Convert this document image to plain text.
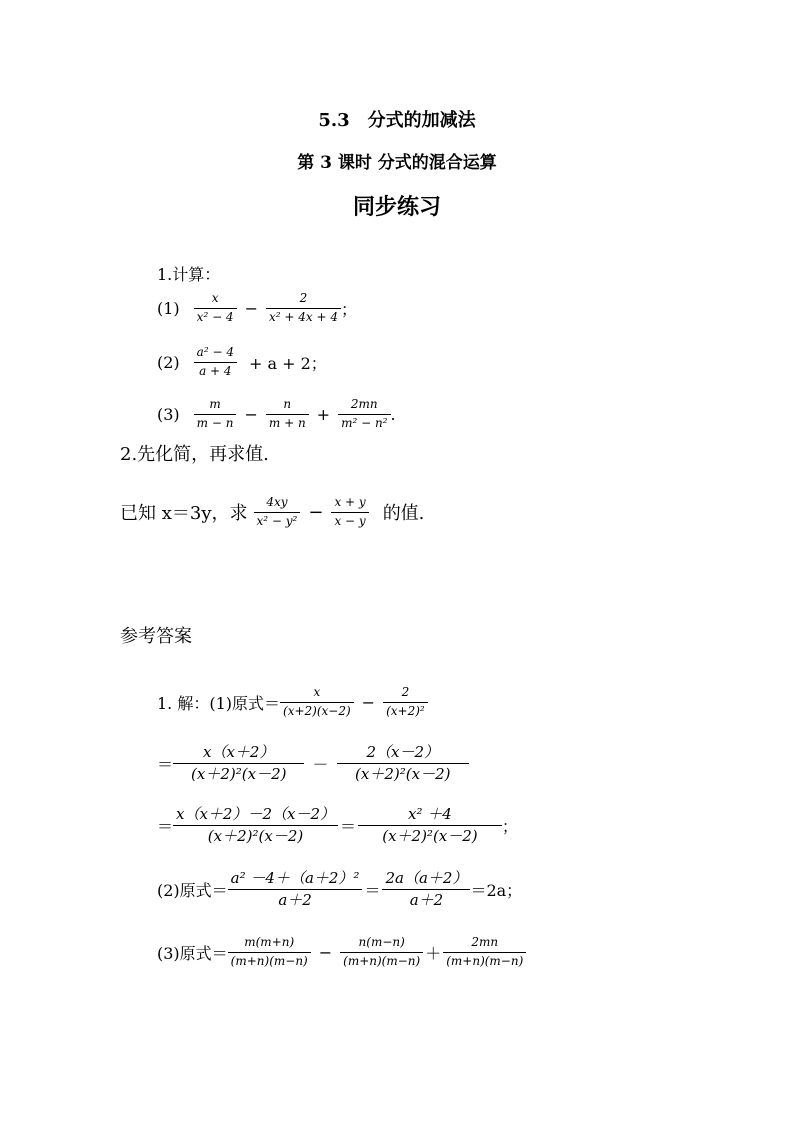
5.3　分式的加减法
第 3 课时 分式的混合运算
同步练习
1.计算：
$(1) \frac{x}{\text{x² − 4}} - \frac{2}{\text{x² + 4x + 4}}$ ；
$(2) \frac{\text{a² − 4}}{a + 4} + a + 2$；
$(3) \frac{m}{m - n} - \frac{n}{m + n} + \frac{2mn}{\text{m² − n²}}$ .
2.先化简，再求值.
已知 x＝3y，求 $\frac{4xy}{\text{x² − y²}} - \frac{x + y}{x - y}$ 的值.
参考答案
1. 解：(1)原式＝ $\frac{x}{(x+2)(x-2)} - \frac{2}{\text{(x+2)²}}$
＝ $\frac{x(x+2)}{\text{(x＋2)²(x－2)}} - \frac{2(x-2)}{\text{(x＋2)²(x－2)}}$
＝ $\frac{x(x+2)-2(x-2)}{\text{(x＋2)²(x－2)}} = \frac{\text{x² ＋4}}{\text{(x＋2)²(x－2)}}$ ；
(2)原式＝ $\frac{\text{a² －4＋（a＋2）²}}{a+2} = \frac{2a(a+2)}{a+2} =2a$；
(3)原式＝ $\frac{m(m+n)}{(m+n)(m-n)} - \frac{n(m-n)}{(m+n)(m-n)} + \frac{2mn}{(m+n)(m-n)}$
